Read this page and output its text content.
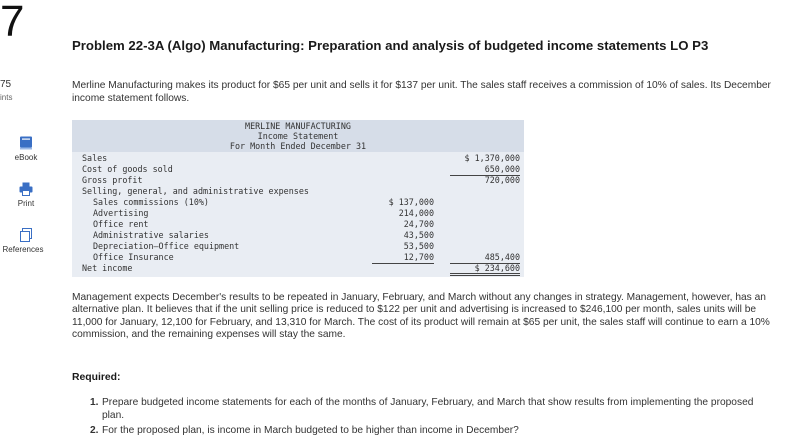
7
75
ints
eBook
Print
References
Problem 22-3A (Algo) Manufacturing: Preparation and analysis of budgeted income statements LO P3
Merline Manufacturing makes its product for $65 per unit and sells it for $137 per unit. The sales staff receives a commission of 10% of sales. Its December income statement follows.
MERLINE MANUFACTURING
Income Statement
For Month Ended December 31
Sales	$ 1,370,000
Cost of goods sold	650,000
Gross profit	720,000
Selling, general, and administrative expenses
Sales commissions (10%)	$ 137,000
Advertising	214,000
Office rent	24,700
Administrative salaries	43,500
Depreciation—Office equipment	53,500
Office Insurance	12,700	485,400
Net income	$ 234,600
Management expects December's results to be repeated in January, February, and March without any changes in strategy. Management, however, has an alternative plan. It believes that if the unit selling price is reduced to $122 per unit and advertising is increased to $246,100 per month, sales units will be 11,000 for January, 12,100 for February, and 13,310 for March. The cost of its product will remain at $65 per unit, the sales staff will continue to earn a 10% commission, and the remaining expenses will stay the same.
Required:
1. Prepare budgeted income statements for each of the months of January, February, and March that show results from implementing the proposed plan.
2. For the proposed plan, is income in March budgeted to be higher than income in December?
